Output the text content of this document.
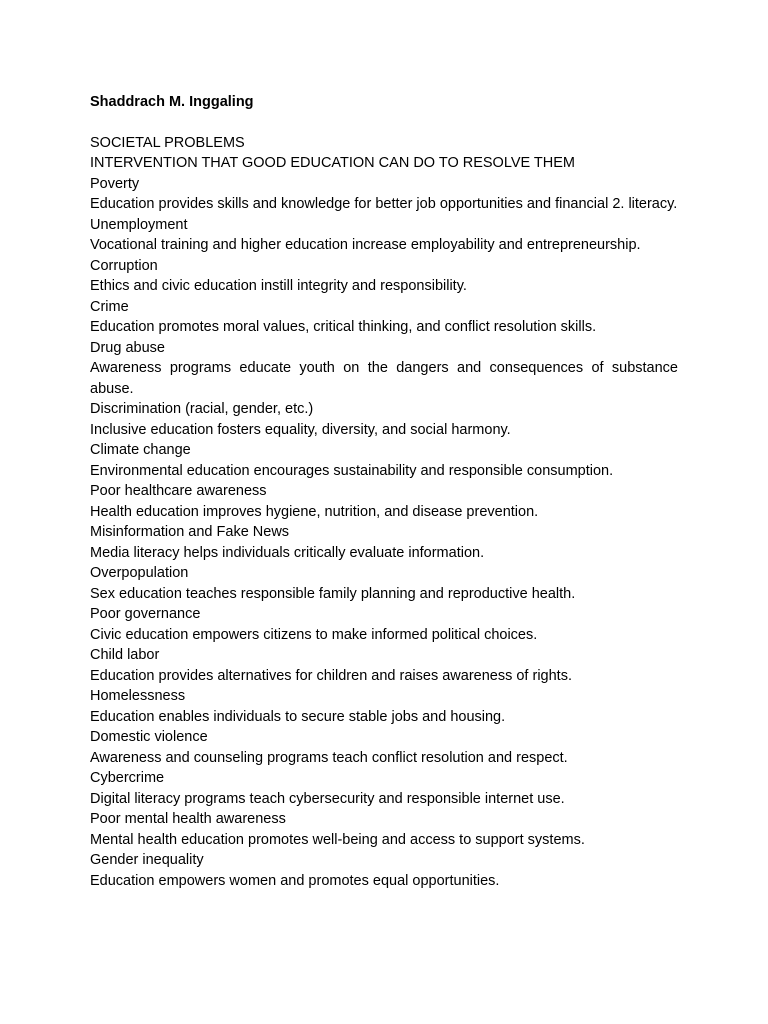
Shaddrach M. Inggaling

SOCIETAL PROBLEMS

INTERVENTION THAT GOOD EDUCATION CAN DO TO RESOLVE THEM

Poverty

Education provides skills and knowledge for better job opportunities and financial 2. literacy.

Unemployment

Vocational training and higher education increase employability and entrepreneurship.

Corruption

Ethics and civic education instill integrity and responsibility.

Crime

Education promotes moral values, critical thinking, and conflict resolution skills.

Drug abuse

Awareness programs educate youth on the dangers and consequences of substance abuse.

Discrimination (racial, gender, etc.)

Inclusive education fosters equality, diversity, and social harmony.

Climate change

Environmental education encourages sustainability and responsible consumption.

Poor healthcare awareness

Health education improves hygiene, nutrition, and disease prevention.

Misinformation and Fake News

Media literacy helps individuals critically evaluate information.

Overpopulation

Sex education teaches responsible family planning and reproductive health.

Poor governance

Civic education empowers citizens to make informed political choices.

Child labor

Education provides alternatives for children and raises awareness of rights.

Homelessness

Education enables individuals to secure stable jobs and housing.

Domestic violence

Awareness and counseling programs teach conflict resolution and respect.

Cybercrime

Digital literacy programs teach cybersecurity and responsible internet use.

Poor mental health awareness

Mental health education promotes well-being and access to support systems.

Gender inequality

Education empowers women and promotes equal opportunities.
